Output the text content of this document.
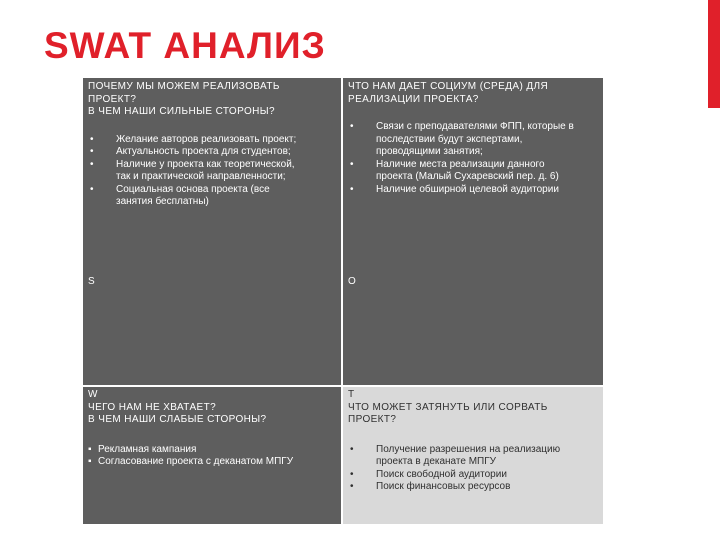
SWAT АНАЛИЗ
ПОЧЕМУ МЫ МОЖЕМ РЕАЛИЗОВАТЬ
ПРОЕКТ?
В ЧЕМ НАШИ СИЛЬНЫЕ СТОРОНЫ?
• Желание авторов реализовать проект;
• Актуальность проекта для студентов;
• Наличие у проекта как теоретической, так и практической направленности;
• Социальная основа проекта (все занятия бесплатны)
S
ЧТО НАМ ДАЕТ СОЦИУМ (СРЕДА) ДЛЯ
РЕАЛИЗАЦИИ ПРОЕКТА?
• Связи с преподавателями ФПП, которые в последствии будут экспертами, проводящими занятия;
• Наличие места реализации данного проекта (Малый Сухаревский пер. д. 6)
• Наличие обширной целевой аудитории
O
W
ЧЕГО НАМ НЕ ХВАТАЕТ?
В ЧЕМ НАШИ СЛАБЫЕ СТОРОНЫ?
▪ Рекламная кампания
▪ Согласование проекта с деканатом МПГУ
T
ЧТО МОЖЕТ ЗАТЯНУТЬ ИЛИ СОРВАТЬ
ПРОЕКТ?
• Получение разрешения на реализацию проекта в деканате МПГУ
• Поиск свободной аудитории
• Поиск финансовых ресурсов
